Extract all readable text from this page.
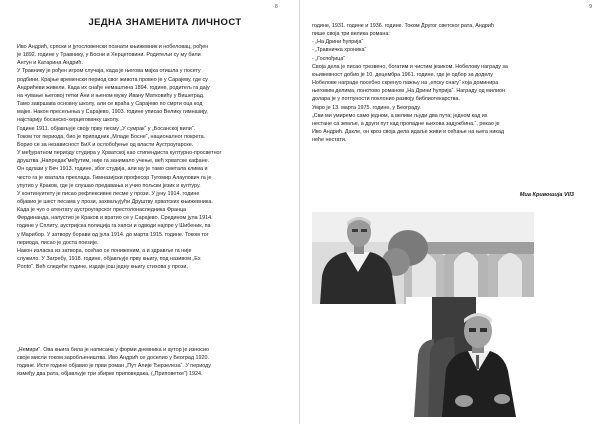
8
ЈЕДНА ЗНАМЕНИТА ЛИЧНОСТ

Иво Андрић, српски и југословенски познати књижевник и нобеловац, рођен

је 1892. године у Травнику, у Босни и Херцеговини. Родитељи су му били

Антун и Катарина Андрић.

У Травнику је рођен игром случаја, када је његова мајка отишла у посету

родбини. Крајње временски период свог живота провео је у Сарајеву, где су

Андрићеви живели. Када их снађе немаштина 1894. године, родитељ га дају

на чување његовој тетки Ани и њеном мужу Ивану Матковићу у Вишеград.

Тамо завршава основну школу, али се враћа у Сарајево по смрти оца код

мајке. Након пресељења у Сарајево, 1903. године уписао Велику гимназију,

најстарију босанско-херцеговачку школу.

Године 1911. објављује своју прву песму „У сумрак“ у „Босанској вили“.

Током тог периода, био је припадник „Младе Босне“, националног покрета.

Борио се за независност БиХ и ослобођење од власти Аустроугарске.

У међуратном периоду студира у Хрватској као стипендиста културно-просветног

друштва „Напредак“међутим, није га занимало учење, већ хрватске кафане.

Он одлази у Беч 1913. године, због студија, али му је тамо сметала клима и

често га је хватала прехлада. Гимназијски професор Тугомир Алаупович га је

упутио у Краков, где је слушао предавања и учио пољски језик и културу.

У континуитету је писао рефлексивне песме у прози. У јуну 1914. године

објавио је шест песама у прози, захваљујући Друштву хрватских књижевника.

Када је чуо о атентату аустроугарског престолонаследника Франца

Фердинанда, напустио је Краков и вратио се у Сарајево. Средином јула 1914.

године у Сплиту, аустријска полиција га хапси и одводи најпре у Шибеник, па

у Марибор. У затвору борави од јула 1914. до марта 1915. године. Током тог

периода, писао је доста поезије.

Након изласка из затвора, осећао се пониженим, а и здравље га није

служило. У Загребу, 1918. године, објављује прву књигу, под називом „Ex

Ponto“. Већ следеће године, издаје још једну књигу стихова у прози,

„Немири“. Ова књига била је написана у форми дневника и аутор је износио

своје мисли током заробљеништва. Иво Андрић се доселио у Београд 1920.

године. Исте године објавио је први роман „Пут Алије Ђерзелеза“. У периоду

између два рата, објављује три збирке приповедака, („Приповетке“) 1924.

9

године, 1931. године и 1936. године. Током Другог светског рата, Андрић

пише своја три велика романа:

- „На Дрини ћуприја“

- „Травничка хроника“

- „Госпођица“

Своја дела је писао трезвено, богатим и чистим језиком. Нобелову награду за

књижевност добио је 10. децембра 1961. године, где је одбор за доделу

Нобелове награде посебно скренуо пажњу на „епску снагу“ која доминира

његовим делима, понотово романом „На Дрини ћуприја“. Награду од милион

долара је у потпуности поклонио развоју библиотекарства.

Умро је 13. марта 1975. године, у Београду.

„Сви ми умиремо само једном, а велики људи два пута; једном кад их

нестане са земље, а други пут кад пропадне њихова задужбина.“, рекао је

Иво Андрић. Дакле, он кроз своја дела идаље живи и сећање на њега никад

неће нестати.

Миа Кривошија VII3
